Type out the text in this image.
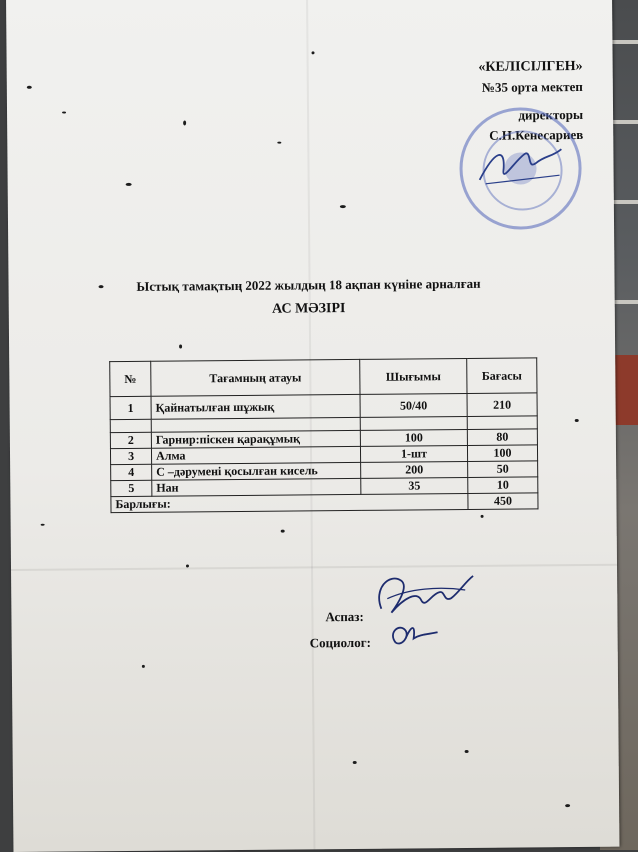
«КЕЛІСІЛГЕН»
№35 орта мектеп
директоры
С.Н.Кенесариев
Ыстық тамақтың 2022 жылдың 18 ақпан күніне арналған
АС МӘЗІРІ
№	Тағамның атауы	Шығымы	Бағасы
1	Қайнатылған шұжық	50/40	210

2	Гарнир:піскен қарақұмық	100	80
3	Алма	1-шт	100
4	С –дәрумені қосылған кисель	200	50
5	Нан	35	10
Барлығы:			450
Аспаз:
Социолог:
